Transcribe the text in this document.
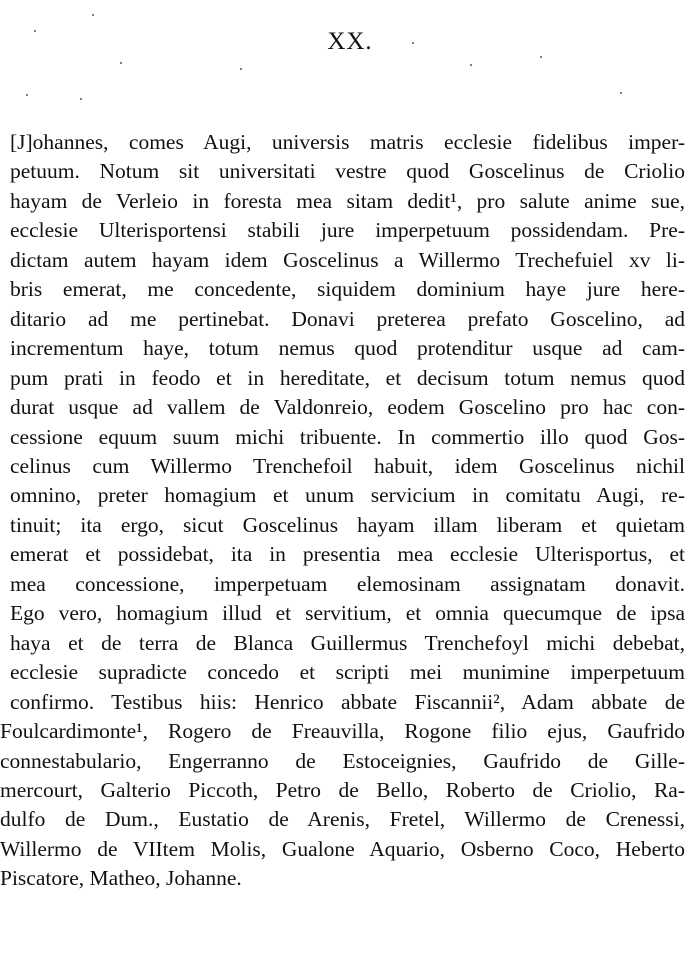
XX.
[J]ohannes, comes Augi, universis matris ecclesie fidelibus imper-
petuum. Notum sit universitati vestre quod Goscelinus de Criolio
hayam de Verleio in foresta mea sitam dedit¹, pro salute anime sue,
ecclesie Ulterisportensi stabili jure imperpetuum possidendam. Pre-
dictam autem hayam idem Goscelinus a Willermo Trechefuiel xv li-
bris emerat, me concedente, siquidem dominium haye jure here-
ditario ad me pertinebat. Donavi preterea prefato Goscelino, ad
incrementum haye, totum nemus quod protenditur usque ad cam-
pum prati in feodo et in hereditate, et decisum totum nemus quod
durat usque ad vallem de Valdonreio, eodem Goscelino pro hac con-
cessione equum suum michi tribuente. In commertio illo quod Gos-
celinus cum Willermo Trenchefoil habuit, idem Goscelinus nichil
omnino, preter homagium et unum servicium in comitatu Augi, re-
tinuit; ita ergo, sicut Goscelinus hayam illam liberam et quietam
emerat et possidebat, ita in presentia mea ecclesie Ulterisportus, et
mea concessione, imperpetuam elemosinam assignatam donavit.
Ego vero, homagium illud et servitium, et omnia quecumque de ipsa
haya et de terra de Blanca Guillermus Trenchefoyl michi debebat,
ecclesie supradicte concedo et scripti mei munimine imperpetuum
confirmo. Testibus hiis: Henrico abbate Fiscannii², Adam abbate de
Foulcardimonte¹, Rogero de Freauvilla, Rogone filio ejus, Gaufrido
connestabulario, Engerranno de Estoceignies, Gaufrido de Gille-
mercourt, Galterio Piccoth, Petro de Bello, Roberto de Criolio, Ra-
dulfo de Dum., Eustatio de Arenis, Fretel, Willermo de Crenessi,
Willermo de VIItem Molis, Gualone Aquario, Osberno Coco, Heberto
Piscatore, Matheo, Johanne.
